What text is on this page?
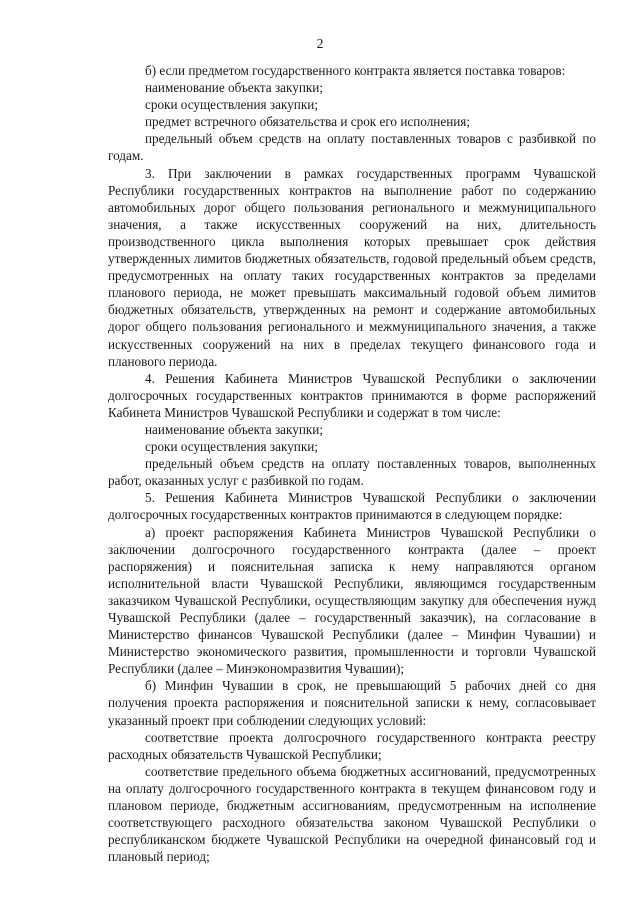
2

б) если предметом государственного контракта является поставка товаров:

наименование объекта закупки;

сроки осуществления закупки;

предмет встречного обязательства и срок его исполнения;

предельный объем средств на оплату поставленных товаров с разбивкой по годам.

3. При заключении в рамках государственных программ Чувашской Республики государственных контрактов на выполнение работ по содержанию автомобильных дорог общего пользования регионального и межмуниципального значения, а также искусственных сооружений на них, длительность производственного цикла выполнения которых превышает срок действия утвержденных лимитов бюджетных обязательств, годовой предельный объем средств, предусмотренных на оплату таких государственных контрактов за пределами планового периода, не может превышать максимальный годовой объем лимитов бюджетных обязательств, утвержденных на ремонт и содержание автомобильных дорог общего пользования регионального и межмуниципального значения, а также искусственных сооружений на них в пределах текущего финансового года и планового периода.

4. Решения Кабинета Министров Чувашской Республики о заключении долгосрочных государственных контрактов принимаются в форме распоряжений Кабинета Министров Чувашской Республики и содержат в том числе:

наименование объекта закупки;

сроки осуществления закупки;

предельный объем средств на оплату поставленных товаров, выполненных работ, оказанных услуг с разбивкой по годам.

5. Решения Кабинета Министров Чувашской Республики о заключении долгосрочных государственных контрактов принимаются в следующем порядке:

а) проект распоряжения Кабинета Министров Чувашской Республики о заключении долгосрочного государственного контракта (далее – проект распоряжения) и пояснительная записка к нему направляются органом исполнительной власти Чувашской Республики, являющимся государственным заказчиком Чувашской Республики, осуществляющим закупку для обеспечения нужд Чувашской Республики (далее – государственный заказчик), на согласование в Министерство финансов Чувашской Республики (далее – Минфин Чувашии) и Министерство экономического развития, промышленности и торговли Чувашской Республики (далее – Минэкономразвития Чувашии);

б) Минфин Чувашии в срок, не превышающий 5 рабочих дней со дня получения проекта распоряжения и пояснительной записки к нему, согласовывает указанный проект при соблюдении следующих условий:

соответствие проекта долгосрочного государственного контракта реестру расходных обязательств Чувашской Республики;

соответствие предельного объема бюджетных ассигнований, предусмотренных на оплату долгосрочного государственного контракта в текущем финансовом году и плановом периоде, бюджетным ассигнованиям, предусмотренным на исполнение соответствующего расходного обязательства законом Чувашской Республики о республиканском бюджете Чувашской Республики на очередной финансовый год и плановый период;
